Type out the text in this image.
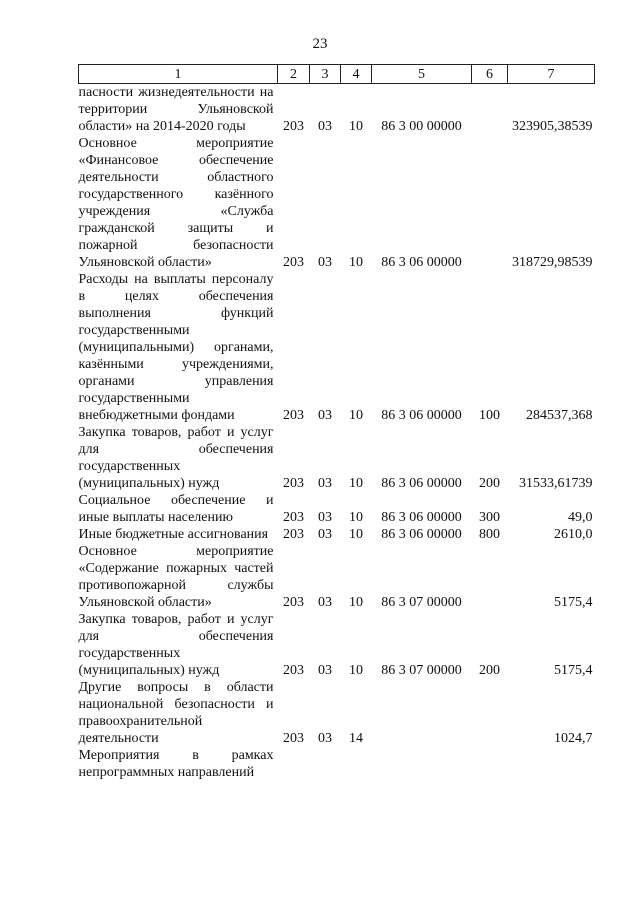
23
1	2	3	4	5	6	7
пасности жизнедеятельности на территории Ульяновской области» на 2014-2020 годы	203	03	10	86 3 00 00000		323905,38539
Основное мероприятие «Финансовое обеспечение деятельности областного государственного казённого учреждения «Служба гражданской защиты и пожарной безопасности Ульяновской области»	203	03	10	86 3 06 00000		318729,98539
Расходы на выплаты персоналу в целях обеспечения выполнения функций государственными (муниципальными) органами, казёнными учреждениями, органами управления государственными внебюджетными фондами	203	03	10	86 3 06 00000	100	284537,368
Закупка товаров, работ и услуг для обеспечения государственных (муниципальных) нужд	203	03	10	86 3 06 00000	200	31533,61739
Социальное обеспечение и иные выплаты населению	203	03	10	86 3 06 00000	300	49,0
Иные бюджетные ассигнования	203	03	10	86 3 06 00000	800	2610,0
Основное мероприятие «Содержание пожарных частей противопожарной службы Ульяновской области»	203	03	10	86 3 07 00000		5175,4
Закупка товаров, работ и услуг для обеспечения государственных (муниципальных) нужд	203	03	10	86 3 07 00000	200	5175,4
Другие вопросы в области национальной безопасности и правоохранительной деятельности	203	03	14			1024,7
Мероприятия в рамках непрограммных направлений						
